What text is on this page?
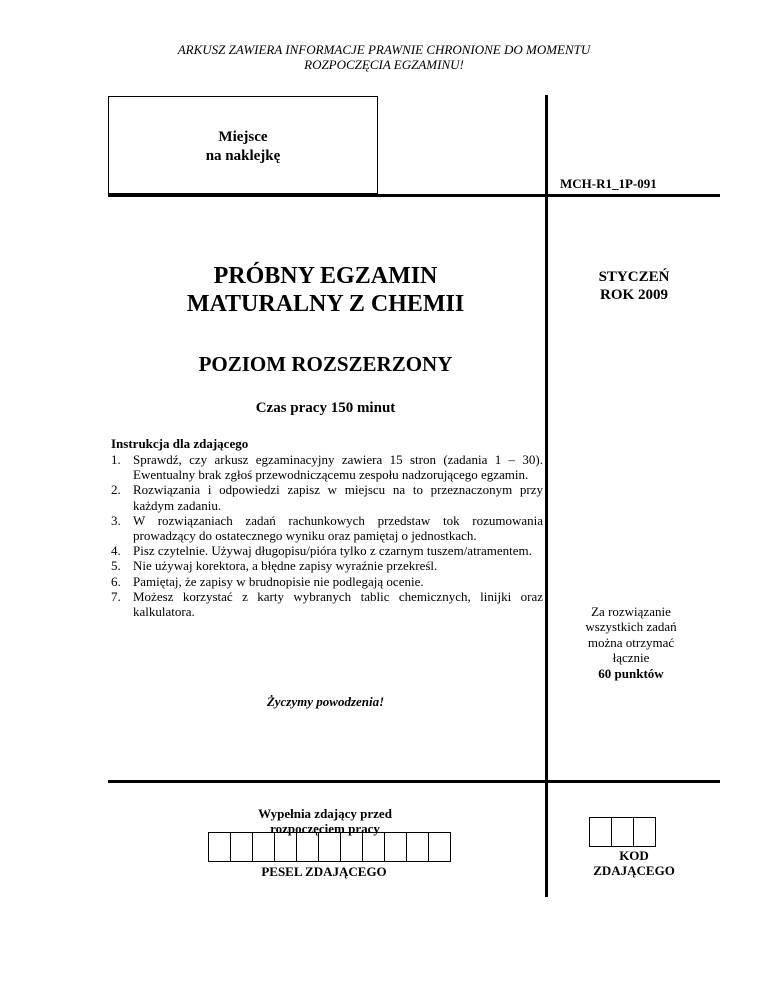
ARKUSZ ZAWIERA INFORMACJE PRAWNIE CHRONIONE DO MOMENTU
ROZPOCZĘCIA EGZAMINU!
Miejsce
na naklejkę
MCH-R1_1P-091
PRÓBNY EGZAMIN
MATURALNY Z CHEMII
POZIOM ROZSZERZONY
STYCZEŃ
ROK 2009
Czas pracy 150 minut
Instrukcja dla zdającego
1. Sprawdź, czy arkusz egzaminacyjny zawiera 15 stron (zadania 1 – 30). Ewentualny brak zgłoś przewodniczącemu zespołu nadzorującego egzamin.
2. Rozwiązania i odpowiedzi zapisz w miejscu na to przeznaczonym przy każdym zadaniu.
3. W rozwiązaniach zadań rachunkowych przedstaw tok rozumowania prowadzący do ostatecznego wyniku oraz pamiętaj o jednostkach.
4. Pisz czytelnie. Używaj długopisu/pióra tylko z czarnym tuszem/atramentem.
5. Nie używaj korektora, a błędne zapisy wyraźnie przekreśl.
6. Pamiętaj, że zapisy w brudnopisie nie podlegają ocenie.
7. Możesz korzystać z karty wybranych tablic chemicznych, linijki oraz kalkulatora.	Za rozwiązanie
wszystkich zadań
można otrzymać
łącznie
60 punktów
Życzymy powodzenia!
Wypełnia zdający przed
rozpoczęciem pracy
PESEL ZDAJĄCEGO
KOD
ZDAJĄCEGO
